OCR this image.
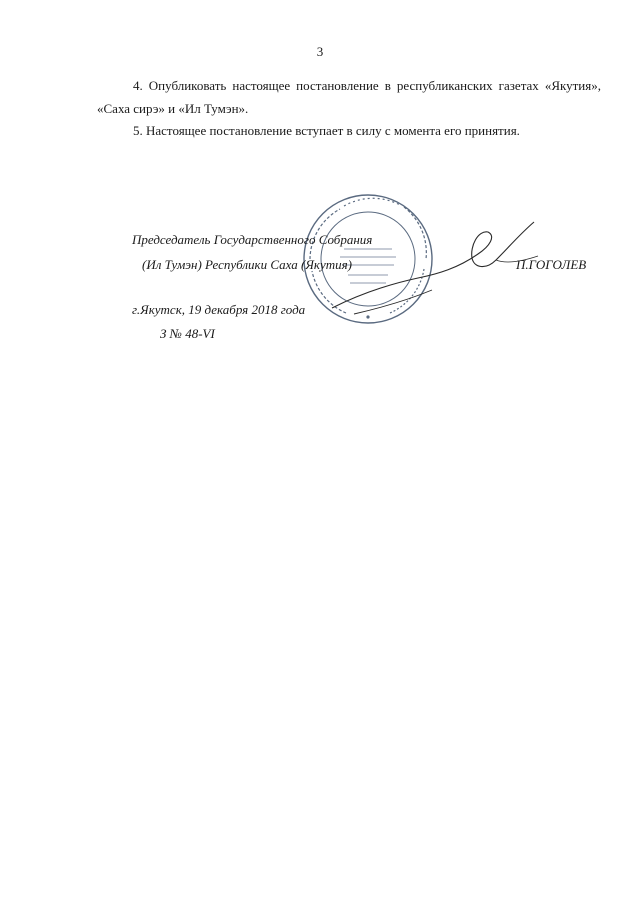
3
4. Опубликовать настоящее постановление в республиканских газетах «Якутия», «Саха сирэ» и «Ил Тумэн».
5. Настоящее постановление вступает в силу с момента его принятия.
Председатель Государственного Собрания
(Ил Тумэн) Республики Саха (Якутия)	П.ГОГОЛЕВ
г.Якутск, 19 декабря 2018 года
З № 48-VI
